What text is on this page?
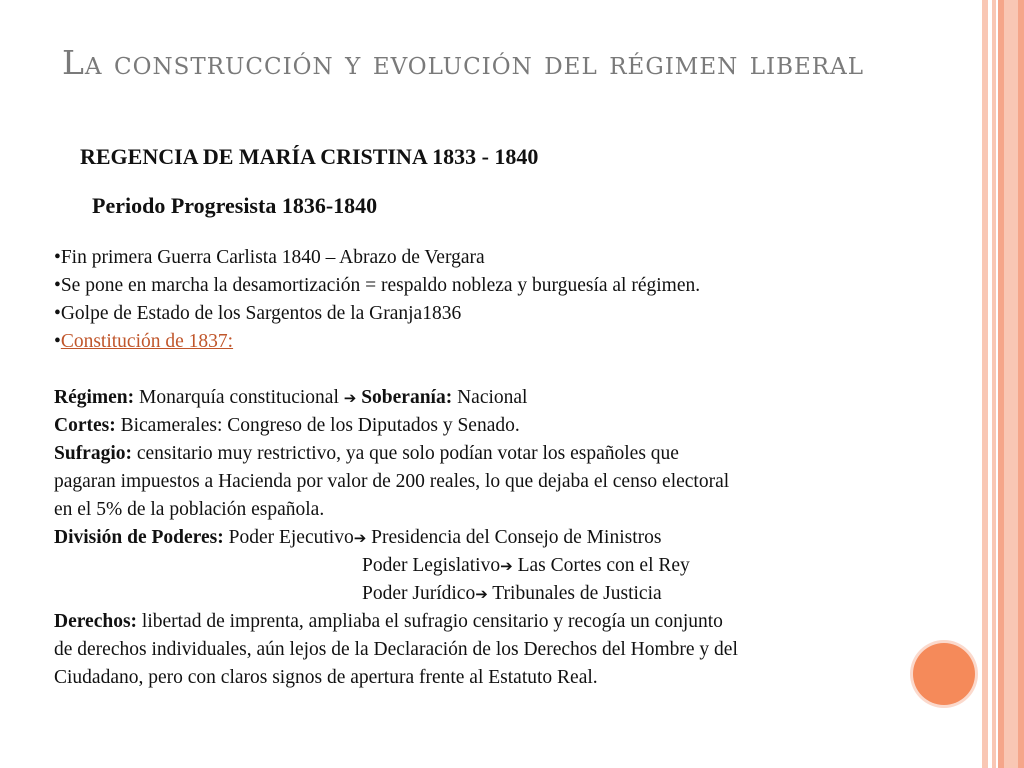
La construcción y evolución del régimen liberal
REGENCIA DE MARÍA CRISTINA 1833 - 1840
Periodo Progresista 1836-1840
•Fin primera Guerra Carlista 1840 – Abrazo de Vergara
•Se pone en marcha la desamortización = respaldo nobleza y burguesía al régimen.
•Golpe de Estado de los Sargentos de la Granja1836
•Constitución de 1837:
Régimen: Monarquía constitucional ➔ Soberanía: Nacional
Cortes: Bicamerales: Congreso de los Diputados y Senado.
Sufragio: censitario muy restrictivo, ya que solo podían votar los españoles que
pagaran impuestos a Hacienda por valor de 200 reales, lo que dejaba el censo electoral
en el 5% de la población española.
División de Poderes: Poder Ejecutivo➔ Presidencia del Consejo de Ministros
Poder Legislativo➔ Las Cortes con el Rey
Poder Jurídico➔ Tribunales de Justicia
Derechos: libertad de imprenta, ampliaba el sufragio censitario y recogía un conjunto
de derechos individuales, aún lejos de la Declaración de los Derechos del Hombre y del
Ciudadano, pero con claros signos de apertura frente al Estatuto Real.
